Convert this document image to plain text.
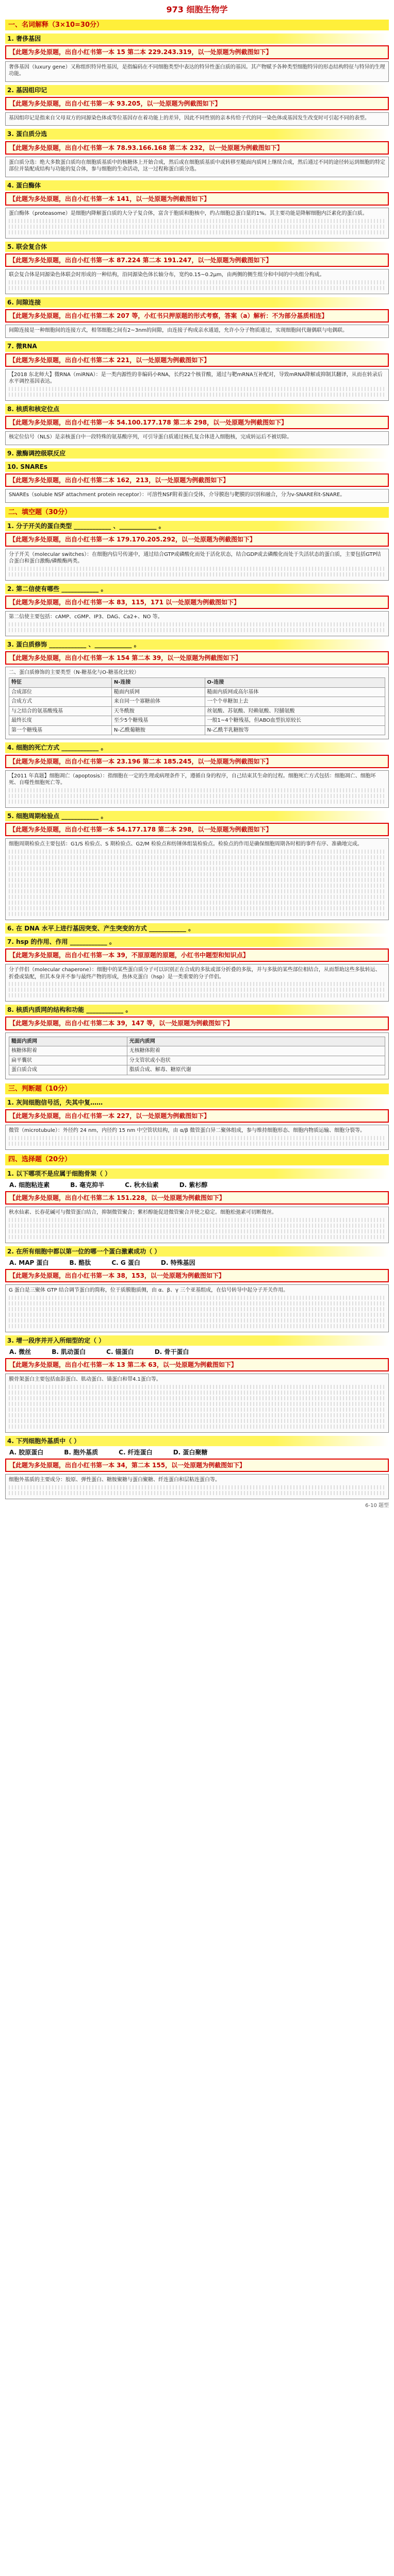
973 细胞生物学
一、名词解释（3×10=30分）
1. 奢侈基因
【此题为多处原题，出自小红书第一本 15 第二本 229.243.319，以一处原题为例截图如下】

奢侈基因（luxury gene）又称组织特异性基因，是指编码在不同细胞类型中表达的特异性蛋白质的基因。其产物赋予各种类型细胞特异的形态结构特征与特异的生理功能。

2. 基因组印记
【此题为多处原题，出自小红书第一本 93.205，以一处原题为例截图如下】

基因组印记是指来自父母双方的同源染色体或等位基因存在着功能上的差异，因此不同性别的亲本传给子代的同一染色体或基因发生改变时可引起不同的表型。

3. 蛋白质分选
【此题为多处原题，出自小红书第一本 78.93.166.168 第二本 232，以一处原题为例截图如下】

蛋白质分选：绝大多数蛋白质均在细胞质基质中的核糖体上开始合成，然后或在细胞质基质中或转移至糙面内质网上继续合成，然后通过不同的途径转运到细胞的特定部位并装配成结构与功能的复合体，参与细胞的生命活动，这一过程称蛋白质分选。

4. 蛋白酶体
【此题为多处原题，出自小红书第一本 141，以一处原题为例截图如下】

蛋白酶体（proteasome）是细胞内降解蛋白质的大分子复合体，富含于胞质和胞核中，约占细胞总蛋白量的1%。其主要功能是降解细胞内泛素化的蛋白质。

5. 联会复合体
【此题为多处原题，出自小红书第一本 87.224 第二本 191.247，以一处原题为例截图如下】

联会复合体是同源染色体联会时形成的一种结构，沿同源染色体长轴分布，宽约0.15~0.2μm，由两侧的侧生组分和中间的中央组分构成。

6. 间隙连接
【此题为多处原题，出自小红书第二本 207 等，小红书只押原题的形式考察，答案（a）解析：不为部分基质相连】

间隙连接是一种细胞间的连接方式，相邻细胞之间有2~3nm的间隙，由连接子构成亲水通道，允许小分子物质通过，实现细胞间代谢偶联与电偶联。

7. 微RNA
【此题为多处原题，出自小红书第二本 221，以一处原题为例截图如下】

【2018 东北师大】微RNA（miRNA）：是一类内源性的非编码小RNA，长约22个核苷酸，通过与靶mRNA互补配对，导致mRNA降解或抑制其翻译，从而在转录后水平调控基因表达。

8. 核质和核定位点
【此题为多处原题，出自小红书第一本 54.100.177.178 第二本 298，以一处原题为例截图如下】

核定位信号（NLS）是亲核蛋白中一段特殊的氨基酸序列，可引导蛋白质通过核孔复合体进入细胞核，完成转运后不被切除。

9. 激酶调控级联反应
10. SNAREs
【此题为多处原题，出自小红书第二本 162，213，以一处原题为例截图如下】

SNAREs（soluble NSF attachment protein receptor）：可溶性NSF附着蛋白受体，介导膜泡与靶膜的识别和融合，分为v-SNARE和t-SNARE。

二、填空题（30分）
1. 分子开关的蛋白类型 ____________ 、____________ 。
【此题为多处原题，出自小红书第一本 179.170.205.292，以一处原题为例截图如下】

分子开关（molecular switches）：在细胞内信号传递中，通过结合GTP或磷酸化而处于活化状态，结合GDP或去磷酸化而处于失活状态的蛋白质，主要包括GTP结合蛋白和蛋白激酶/磷酸酶两类。

2. 第二信使有哪些 ____________ 。
【此题为多处原题，出自小红书第一本 83，115，171 以一处原题为例截图如下】

第二信使主要包括：cAMP、cGMP、IP3、DAG、Ca2+、NO 等。

3. 蛋白质修饰 ____________ 、____________ 。
【此题为多处原题，出自小红书第一本 154 第二本 39，以一处原题为例截图如下】

二、蛋白质修饰的主要类型（N-糖基化与O-糖基化比较）

特征	N-连接	O-连接
合成部位	糙面内质网	糙面内质网或高尔基体
合成方式	来自同一个寡糖前体	一个个单糖加上去
与之结合的氨基酸残基	天冬酰胺	丝氨酸、苏氨酸、羟赖氨酸、羟脯氨酸
最终长度	至少5个糖残基	一般1~4个糖残基，但ABO血型抗原较长
第一个糖残基	N-乙酰葡糖胺	N-乙酰半乳糖胺等
4. 细胞的死亡方式 ____________ 。
【此题为多处原题，出自小红书第一本 23.196 第二本 185.245，以一处原题为例截图如下】

【2011 年真题】细胞凋亡（apoptosis）：指细胞在一定的生理或病理条件下，遵循自身的程序，自己结束其生命的过程。细胞死亡方式包括：细胞凋亡、细胞坏死、自噬性细胞死亡等。

5. 细胞周期检验点 ____________ 。
【此题为多处原题，出自小红书第一本 54.177.178 第二本 298，以一处原题为例截图如下】

细胞周期检验点主要包括：G1/S 检验点、S 期检验点、G2/M 检验点和纺锤体组装检验点。检验点的作用是确保细胞周期各时相的事件有序、准确地完成。

6. 在 DNA 水平上进行基因突变、产生突变的方式 ____________ 。
7. hsp 的作用、作用 ____________ 。
【此题为多处原题，出自小红书第一本 39，不原原题的原题，小红书中题型和知识点】

分子伴侣（molecular chaperone）：细胞中的某些蛋白质分子可以识别正在合成的多肽或部分折叠的多肽，并与多肽的某些部位相结合，从而帮助这些多肽转运、折叠或装配，但其本身并不参与最终产物的形成，热休克蛋白（hsp）是一类重要的分子伴侣。

8. 核质内质网的结构和功能 ____________ 。
【此题为多处原题，出自小红书第二本 39，147 等，以一处原题为例截图如下】
糙面内质网	光面内质网
核糖体附着	无核糖体附着
扁平囊状	分支管状或小泡状
蛋白质合成	脂质合成、解毒、糖原代谢
三、判断题（10分）
1. 灰间细胞信号活，失其中复……
【此题为多处原题，出自小红书第一本 227，以一处原题为例截图如下】

微管（microtubule）：外径约 24 nm，内径约 15 nm 中空管状结构，由 α/β 微管蛋白异二聚体组成，参与维持细胞形态、细胞内物质运输、细胞分裂等。

四、选择题（20分）
1. 以下哪项不是应属于细胞骨架（ ）
A. 细胞粘连素	B. 毫克抑半	C. 秋水仙素	D. 紫杉醇
【此题为多处原题，出自小红书第二本 151.228，以一处原题为例截图如下】

秋水仙素、长春花碱可与微管蛋白结合，抑制微管聚合；紫杉醇能促进微管聚合并使之稳定。细胞松弛素可切断微丝。

2. 在所有细胞中都以第一位的哪一个蛋白激素成功（ ）
A. MAP 蛋白	B. 酪肽	C. G 蛋白	D. 特殊基因
【此题为多处原题，出自小红书第一本 38，153，以一处原题为例截图如下】

G 蛋白是三聚体 GTP 结合调节蛋白的简称，位于质膜胞质侧，由 α、β、γ 三个亚基组成，在信号转导中起分子开关作用。

3. 增一段序并开入所细型的定（ ）
A. 微丝	B. 肌动蛋白	C. 锚蛋白	D. 骨干蛋白
【此题为多处原题，出自小红书第一本 13 第二本 63，以一处原题为例截图如下】

膜骨架蛋白主要包括血影蛋白、肌动蛋白、锚蛋白和带4.1蛋白等。

4. 下列细胞外基质中（ ）
A. 胶原蛋白	B. 胞外基质	C. 纤连蛋白	D. 蛋白聚糖
【此题为多处原题，出自小红书第一本 34，第二本 155，以一处原题为例截图如下】

细胞外基质的主要成分：胶原、弹性蛋白、糖胺聚糖与蛋白聚糖、纤连蛋白和层粘连蛋白等。

6-10 题型
